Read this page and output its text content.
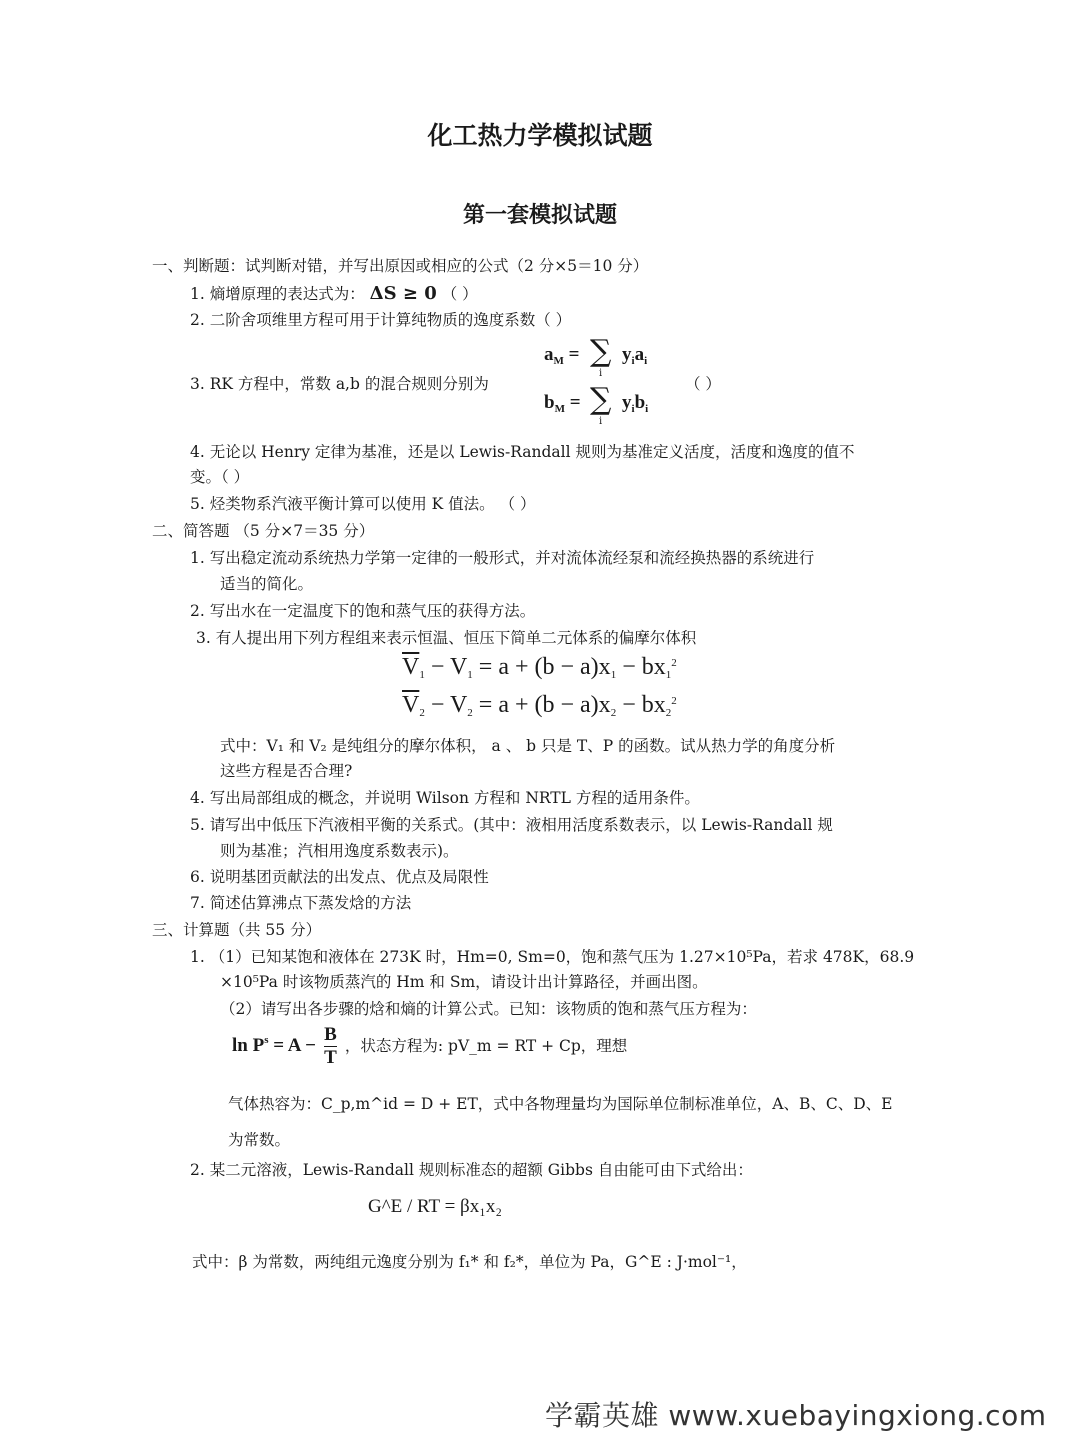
化工热力学模拟试题
第一套模拟试题
一、判断题：试判断对错，并写出原因或相应的公式（2 分×5＝10 分）
1. 熵增原理的表达式为： ΔS ≥ 0 （ ）
2. 二阶舍项维里方程可用于计算纯物质的逸度系数（ ）
3. RK 方程中，常数 a,b 的混合规则分别为	（ ）
$a_M$ = ∑
i
$y_ia_i$
$b_M$ = ∑
i
$y_ib_i$
4. 无论以 Henry 定律为基准，还是以 Lewis-Randall 规则为基准定义活度，活度和逸度的值不
变。（ ）
5. 烃类物系汽液平衡计算可以使用 K 值法。 （ ）
二、简答题 （5 分×7＝35 分）
1. 写出稳定流动系统热力学第一定律的一般形式，并对流体流经泵和流经换热器的系统进行
适当的简化。
2. 写出水在一定温度下的饱和蒸气压的获得方法。
3. 有人提出用下列方程组来表示恒温、恒压下简单二元体系的偏摩尔体积
$\overline{V}_1 - V_1 = a + (b - a)x_1 - bx_1^2$
$\overline{V}_2 - V_2 = a + (b - a)x_2 - bx_2^2$
式中：V₁ 和 V₂ 是纯组分的摩尔体积， a 、 b 只是 T、P 的函数。试从热力学的角度分析
这些方程是否合理?
4. 写出局部组成的概念，并说明 Wilson 方程和 NRTL 方程的适用条件。
5. 请写出中低压下汽液相平衡的关系式。(其中：液相用活度系数表示，以 Lewis-Randall 规
则为基准；汽相用逸度系数表示)。
6. 说明基团贡献法的出发点、优点及局限性
7. 简述估算沸点下蒸发焓的方法
三、计算题（共 55 分）
1. （1）已知某饱和液体在 273K 时，Hm=0, Sm=0，饱和蒸气压为 1.27×10⁵Pa，若求 478K，68.9
×10⁵Pa 时该物质蒸汽的 Hm 和 Sm，请设计出计算路径，并画出图。
（2）请写出各步骤的焓和熵的计算公式。已知：该物质的饱和蒸气压方程为：
$\ln P^s = A - \frac{B}{T}$ ，状态方程为: pV_m = RT + Cp，理想
气体热容为：C_p,m^id = D + ET，式中各物理量均为国际单位制标准单位，A、B、C、D、E
为常数。
2. 某二元溶液，Lewis-Randall 规则标准态的超额 Gibbs 自由能可由下式给出：
G^E / RT = βx₁x₂
式中：β 为常数，两纯组元逸度分别为 f₁* 和 f₂*，单位为 Pa，G^E : J·mol⁻¹，
学霸英雄 www.xuebayingxiong.com
